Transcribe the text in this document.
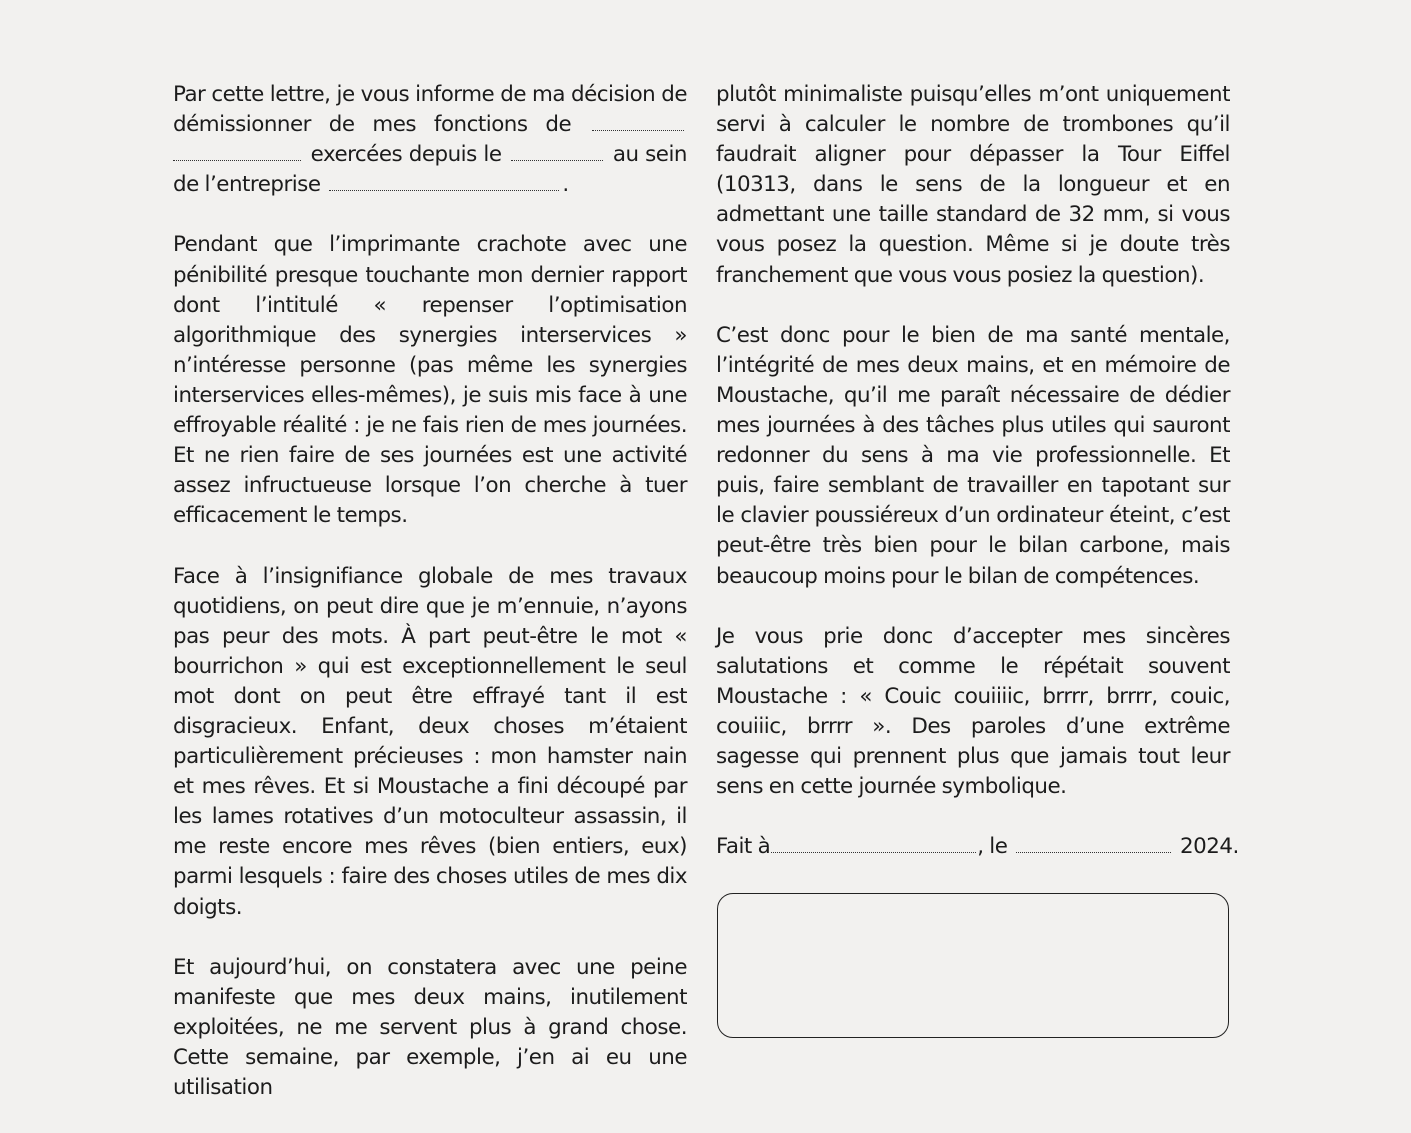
Par cette lettre, je vous informe de ma décision de démissionner de mes fonctions de   exercées depuis le	au sein de l’entreprise	.

Pendant que l’imprimante crachote avec une pénibilité presque touchante mon dernier rapport dont l’intitulé « repenser l’optimisation algorithmique des synergies interservices » n’intéresse personne (pas même les synergies interservices elles-mêmes), je suis mis face à une effroyable réalité : je ne fais rien de mes journées. Et ne rien faire de ses journées est une activité assez infructueuse lorsque l’on cherche à tuer efficacement le temps.

Face à l’insignifiance globale de mes travaux quotidiens, on peut dire que je m’ennuie, n’ayons pas peur des mots. À part peut-être le mot « bourrichon » qui est exceptionnellement le seul mot dont on peut être effrayé tant il est disgracieux. Enfant, deux choses m’étaient particulièrement précieuses : mon hamster nain et mes rêves. Et si Moustache a fini découpé par les lames rotatives d’un motoculteur assassin, il me reste encore mes rêves (bien entiers, eux) parmi lesquels : faire des choses utiles de mes dix doigts.

Et aujourd’hui, on constatera avec une peine manifeste que mes deux mains, inutilement exploitées, ne me servent plus à grand chose. Cette semaine, par exemple, j’en ai eu une utilisation

plutôt minimaliste puisqu’elles m’ont uniquement servi à calculer le nombre de trombones qu’il faudrait aligner pour dépasser la Tour Eiffel (10313, dans le sens de la longueur et en admettant une taille standard de 32 mm, si vous vous posez la question. Même si je doute très franchement que vous vous posiez la question).

C’est donc pour le bien de ma santé mentale, l’intégrité de mes deux mains, et en mémoire de Moustache, qu’il me paraît nécessaire de dédier mes journées à des tâches plus utiles qui sauront redonner du sens à ma vie professionnelle. Et puis, faire semblant de travailler en tapotant sur le clavier poussiéreux d’un ordinateur éteint, c’est peut-être très bien pour le bilan carbone, mais beaucoup moins pour le bilan de compétences.

Je vous prie donc d’accepter mes sincères salutations et comme le répétait souvent Moustache : « Couic couiiiic, brrrr, brrrr, couic, couiiic, brrrr ». Des paroles d’une extrême sagesse qui prennent plus que jamais tout leur sens en cette journée symbolique.

Fait à	, le	2024.
